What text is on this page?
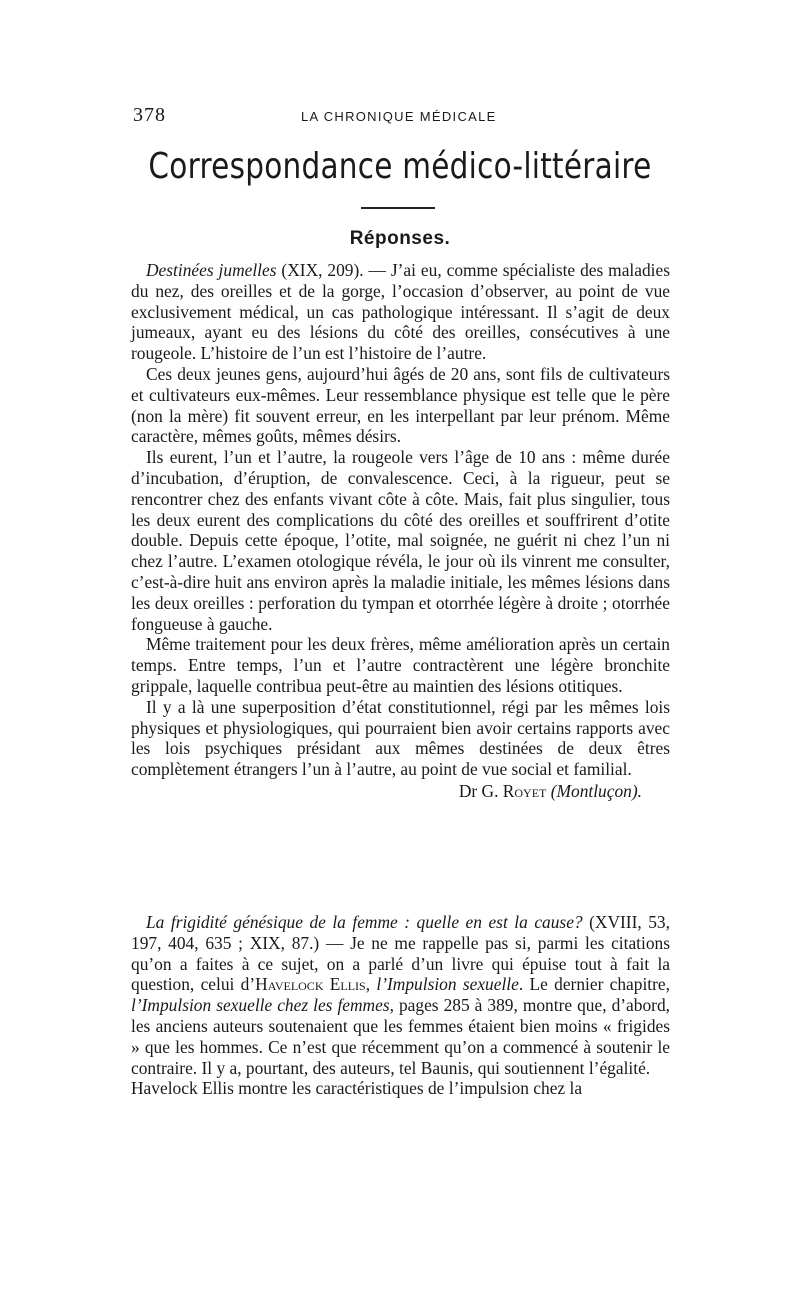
378	LA CHRONIQUE MÉDICALE
Correspondance médico-littéraire
Réponses.

Destinées jumelles (XIX, 209). — J’ai eu, comme spécialiste des maladies du nez, des oreilles et de la gorge, l’occasion d’observer, au point de vue exclusivement médical, un cas pathologique intéressant. Il s’agit de deux jumeaux, ayant eu des lésions du côté des oreilles, consécutives à une rougeole. L’histoire de l’un est l’histoire de l’autre.

Ces deux jeunes gens, aujourd’hui âgés de 20 ans, sont fils de cultivateurs et cultivateurs eux-mêmes. Leur ressemblance physique est telle que le père (non la mère) fit souvent erreur, en les interpellant par leur prénom. Même caractère, mêmes goûts, mêmes désirs.

Ils eurent, l’un et l’autre, la rougeole vers l’âge de 10 ans : même durée d’incubation, d’éruption, de convalescence. Ceci, à la rigueur, peut se rencontrer chez des enfants vivant côte à côte. Mais, fait plus singulier, tous les deux eurent des complications du côté des oreilles et souffrirent d’otite double. Depuis cette époque, l’otite, mal soignée, ne guérit ni chez l’un ni chez l’autre. L’examen otologique révéla, le jour où ils vinrent me consulter, c’est-à-dire huit ans environ après la maladie initiale, les mêmes lésions dans les deux oreilles : perforation du tympan et otorrhée légère à droite ; otorrhée fongueuse à gauche.

Même traitement pour les deux frères, même amélioration après un certain temps. Entre temps, l’un et l’autre contractèrent une légère bronchite grippale, laquelle contribua peut-être au maintien des lésions otitiques.

Il y a là une superposition d’état constitutionnel, régi par les mêmes lois physiques et physiologiques, qui pourraient bien avoir certains rapports avec les lois psychiques présidant aux mêmes destinées de deux êtres complètement étrangers l’un à l’autre, au point de vue social et familial.

Dr G. Royet (Montluçon).

La frigidité génésique de la femme : quelle en est la cause? (XVIII, 53, 197, 404, 635 ; XIX, 87.) — Je ne me rappelle pas si, parmi les citations qu’on a faites à ce sujet, on a parlé d’un livre qui épuise tout à fait la question, celui d’Havelock Ellis, l’Impulsion sexuelle. Le dernier chapitre, l’Impulsion sexuelle chez les femmes, pages 285 à 389, montre que, d’abord, les anciens auteurs soutenaient que les femmes étaient bien moins « frigides » que les hommes. Ce n’est que récemment qu’on a commencé à soutenir le contraire. Il y a, pourtant, des auteurs, tel Baunis, qui soutiennent l’égalité.

Havelock Ellis montre les caractéristiques de l’impulsion chez la
